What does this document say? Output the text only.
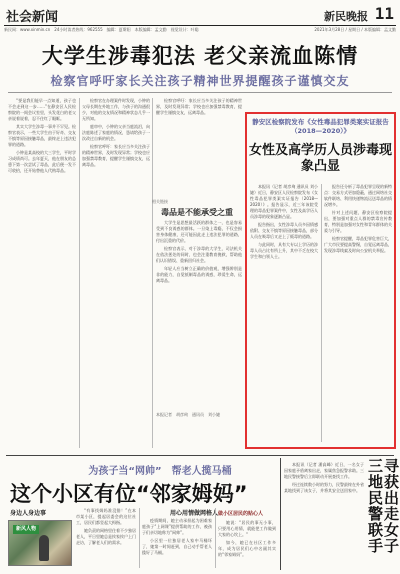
社会新闻	新民晚报 11
新民网：www.xinmin.cn　24小时读者热线：962555　编辑：夏斯阳　本版编辑：孟文勤　视觉设计：叶聪	2021年3月28日 / 星期日 / 本版编辑：孟文勤
大学生涉毒犯法 老父亲流血陈情
检察官呼吁家长关注孩子精神世界提醒孩子谨慎交友

“要是我们能早一点知道，孩子也不会走到这一步……”在静安区人民检察院的一间会议室里，头发花白的老父亲说着说着，忍不住红了眼眶。

其实大学生涉毒一事并不罕见。检察官表示，一些大学生由于好奇、交友不慎等原因接触毒品，最终走上违法犯罪的道路。

小钟是某高校的大三学生，平时学习成绩尚可。去年夏天，他在朋友的怂恿下第一次尝试了毒品，此后便一发不可收拾，还开始替他人代购毒品。

检察官在办理案件时发现，小钟的父母长期在外地工作，与孩子的沟通很少，对他的交友情况和精神状态几乎一无所知。

庭审中，小钟的父亲当庭流泪，向法庭陈述了家庭的情况，恳请给孩子一次改过自新的机会。

检察官呼吁：家长应当多关注孩子的精神世界，及时发现异常；学校也应加强禁毒教育，提醒学生谨慎交友，远离毒品。

检察官呼吁：家长应当多关注孩子的精神世界，及时发现异常；学校也应加强禁毒教育，提醒学生谨慎交友，远离毒品。

相关链接
毒品是不能承受之重

大学生是思想最活跃的群体之一，也是容易受到不良诱惑的群体。一旦染上毒瘾，不仅会损害身体健康，还可能因此走上违法犯罪的道路，付出沉重的代价。

检察官表示，对于涉毒的大学生，司法机关在依法惩处的同时，也会注重教育挽救，帮助他们认识错误、重新回归社会。

年轻人应当树立正确的价值观，增强辨别是非的能力，自觉抵制毒品的诱惑，珍爱生命，远离毒品。

本报记者　胡彦珣　通讯员　刘小婕
静安区检察院发布《女性毒品犯罪类案实证报告（2018—2020）》
女性及高学历人员涉毒现象凸显

本报讯（记者 胡彦珣 通讯员 刘小婕）近日，静安区人民检察院发布《女性毒品犯罪类案实证报告（2018—2020）》。报告显示，近三年该院受理的毒品犯罪案件中，女性及高学历人员涉毒的现象逐渐凸显。

报告指出，女性涉毒人员多因情感依附、交友不慎等原因接触毒品，部分人员在吸毒后又走上了贩毒的道路。

与此同时，具有大专以上学历的涉毒人员占比有所上升，其中不乏在校大学生和白领人士。

报告还分析了毒品犯罪呈现的新特点：交易方式更加隐蔽，通过网络社交软件联络、利用快递物流运送毒品的情况增多。

针对上述问题，静安区检察院提出，要加强对重点人群的禁毒宣传教育，特别是加强对女性和青年群体的关爱与引导。

检察官提醒，毒品犯罪危害巨大，广大市民要提高警惕，自觉远离毒品，发现涉毒线索及时向公安机关举报。

为孩子当“网帅”　帮老人揽马桶
这个小区有位“邻家姆妈”
新风人物
身边人身边事	“有事找姆妈准没错！”在本市某小区，提起居委会的这位社工，居民们都竖起大拇指。

她负责的网格里住着不少独居老人，平日里她总是挨家挨户上门走访，了解老人们的需求。

用心用情做网格人

疫情期间，她主动承担起为困难家庭孩子“上网课”提供帮助的工作，被孩子们亲切地称为“网帅”。

小区里一位独居老人家中马桶坏了，她第一时间赶到，自己动手帮老人揽好了马桶。

做小区居民的贴心人

她说：“居民的事无小事，只要用心用情，就能把工作做到大家的心坎上。”

如今，她已在社区工作多年，成为居民们心中名副其实的“邻家姆妈”。

本报讯（记者 潘高峰）近日，一名女子因家庭矛盾离家出走，家属焦急报警求助。三地民警接警后立即联动开展查找工作。

经过连续数小时的努力，民警最终在外省某地找到了该女子，并将其安全送回家中。 三地民警联手
寻获出走女子
